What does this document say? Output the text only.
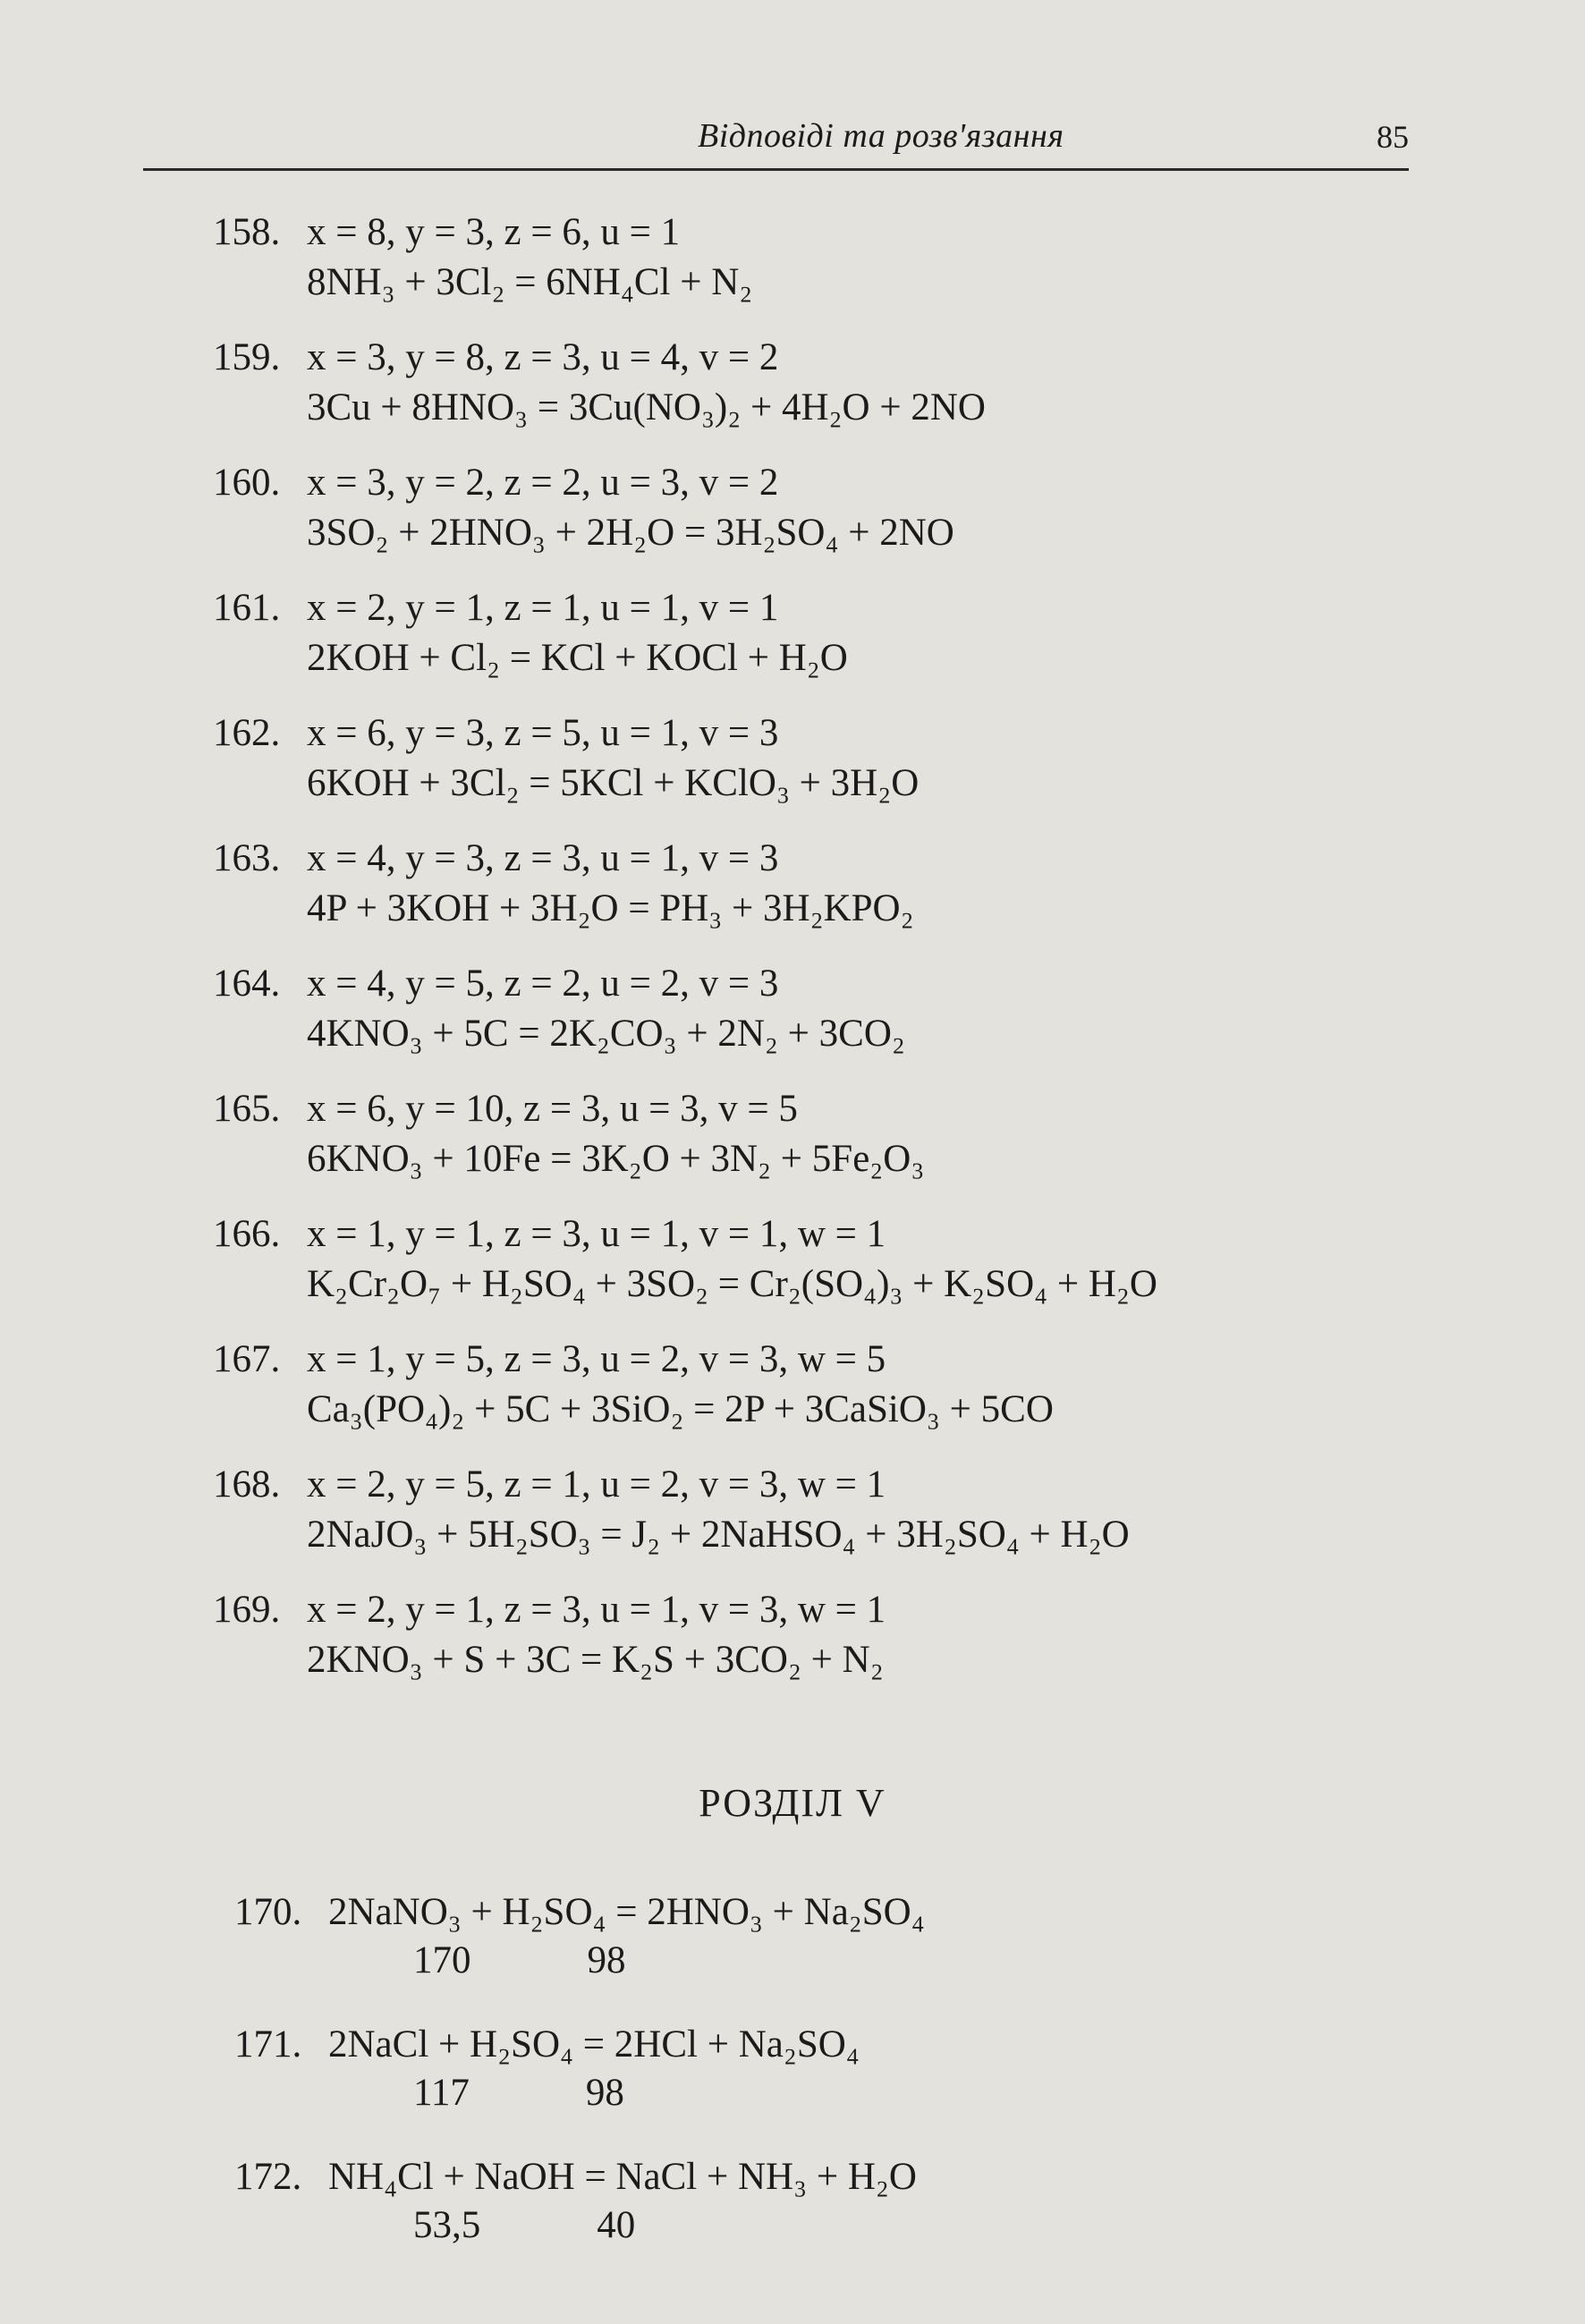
Відповіді та розв'язання	85
158. x = 8, y = 3, z = 6, u = 1
8NH₃ + 3Cl₂ = 6NH₄Cl + N₂
159. x = 3, y = 8, z = 3, u = 4, v = 2
3Cu + 8HNO₃ = 3Cu(NO₃)₂ + 4H₂O + 2NO
160. x = 3, y = 2, z = 2, u = 3, v = 2
3SO₂ + 2HNO₃ + 2H₂O = 3H₂SO₄ + 2NO
161. x = 2, y = 1, z = 1, u = 1, v = 1
2KOH + Cl₂ = KCl + KOCl + H₂O
162. x = 6, y = 3, z = 5, u = 1, v = 3
6KOH + 3Cl₂ = 5KCl + KClO₃ + 3H₂O
163. x = 4, y = 3, z = 3, u = 1, v = 3
4P + 3KOH + 3H₂O = PH₃ + 3H₂KPO₂
164. x = 4, y = 5, z = 2, u = 2, v = 3
4KNO₃ + 5C = 2K₂CO₃ + 2N₂ + 3CO₂
165. x = 6, y = 10, z = 3, u = 3, v = 5
6KNO₃ + 10Fe = 3K₂O + 3N₂ + 5Fe₂O₃
166. x = 1, y = 1, z = 3, u = 1, v = 1, w = 1
K₂Cr₂O₇ + H₂SO₄ + 3SO₂ = Cr₂(SO₄)₃ + K₂SO₄ + H₂O
167. x = 1, y = 5, z = 3, u = 2, v = 3, w = 5
Ca₃(PO₄)₂ + 5C + 3SiO₂ = 2P + 3CaSiO₃ + 5CO
168. x = 2, y = 5, z = 1, u = 2, v = 3, w = 1
2NaJO₃ + 5H₂SO₃ = J₂ + 2NaHSO₄ + 3H₂SO₄ + H₂O
169. x = 2, y = 1, z = 3, u = 1, v = 3, w = 1
2KNO₃ + S + 3C = K₂S + 3CO₂ + N₂
РОЗДІЛ V
170. 2NaNO₃ + H₂SO₄ = 2HNO₃ + Na₂SO₄
170	98
171. 2NaCl + H₂SO₄ = 2HCl + Na₂SO₄
117	98
172. NH₄Cl + NaOH = NaCl + NH₃ + H₂O
53,5	40
